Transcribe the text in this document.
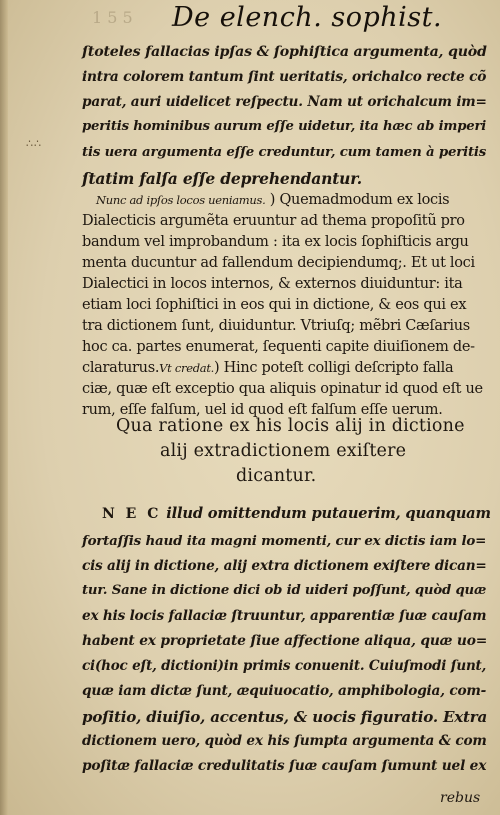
1 5 5 De elench. sophist.
∴∴
ſtoteles fallacias ipſas & ſophiſtica argumenta, quòd
intra colorem tantum ſint ueritatis, orichalco recte cõ
parat, auri uidelicet reſpectu. Nam ut orichalcum im=
peritis hominibus aurum eſſe uidetur, ita hæc ab imperi
tis uera argumenta eſſe creduntur, cum tamen à peritis
ſtatim falſa eſſe deprehendantur.
Nunc ad ipſos locos ueniamus. ) Quemadmodum ex locis
Dialecticis argumẽta eruuntur ad thema propoſitũ pro
bandum vel improbandum : ita ex locis ſophiſticis argu
menta ducuntur ad fallendum decipiendumq;. Et ut loci
Dialectici in locos internos, & externos diuiduntur: ita
etiam loci ſophiſtici in eos qui in dictione, & eos qui ex
tra dictionem ſunt, diuiduntur. Vtriuſq; mẽbri Cæſarius
hoc ca. partes enumerat, ſequenti capite diuiſionem de-
claraturus.Vt credat.) Hinc poteſt colligi deſcripto falla
ciæ, quæ eſt exceptio qua aliquis opinatur id quod eſt ue
rum, eſſe falſum, uel id quod eſt falſum eſſe uerum.
Qua ratione ex his locis alij in dictione
alij extradictionem exiſtere
dicantur.
N E C illud omittendum putauerim, quanquam
fortaſſis haud ita magni momenti, cur ex dictis iam lo=
cis alij in dictione, alij extra dictionem exiſtere dican=
tur. Sane in dictione dici ob id uideri poſſunt, quòd quæ
ex his locis fallaciæ ſtruuntur, apparentiæ ſuæ cauſam
habent ex proprietate ſiue affectione aliqua, quæ uo=
ci(hoc eſt, dictioni)in primis conuenit. Cuiuſmodi ſunt,
quæ iam dictæ ſunt, æquiuocatio, amphibologia, com-
poſitio, diuiſio, accentus, & uocis figuratio. Extra
dictionem uero, quòd ex his ſumpta argumenta & com
poſitæ fallaciæ credulitatis ſuæ cauſam ſumunt uel ex
rebus
